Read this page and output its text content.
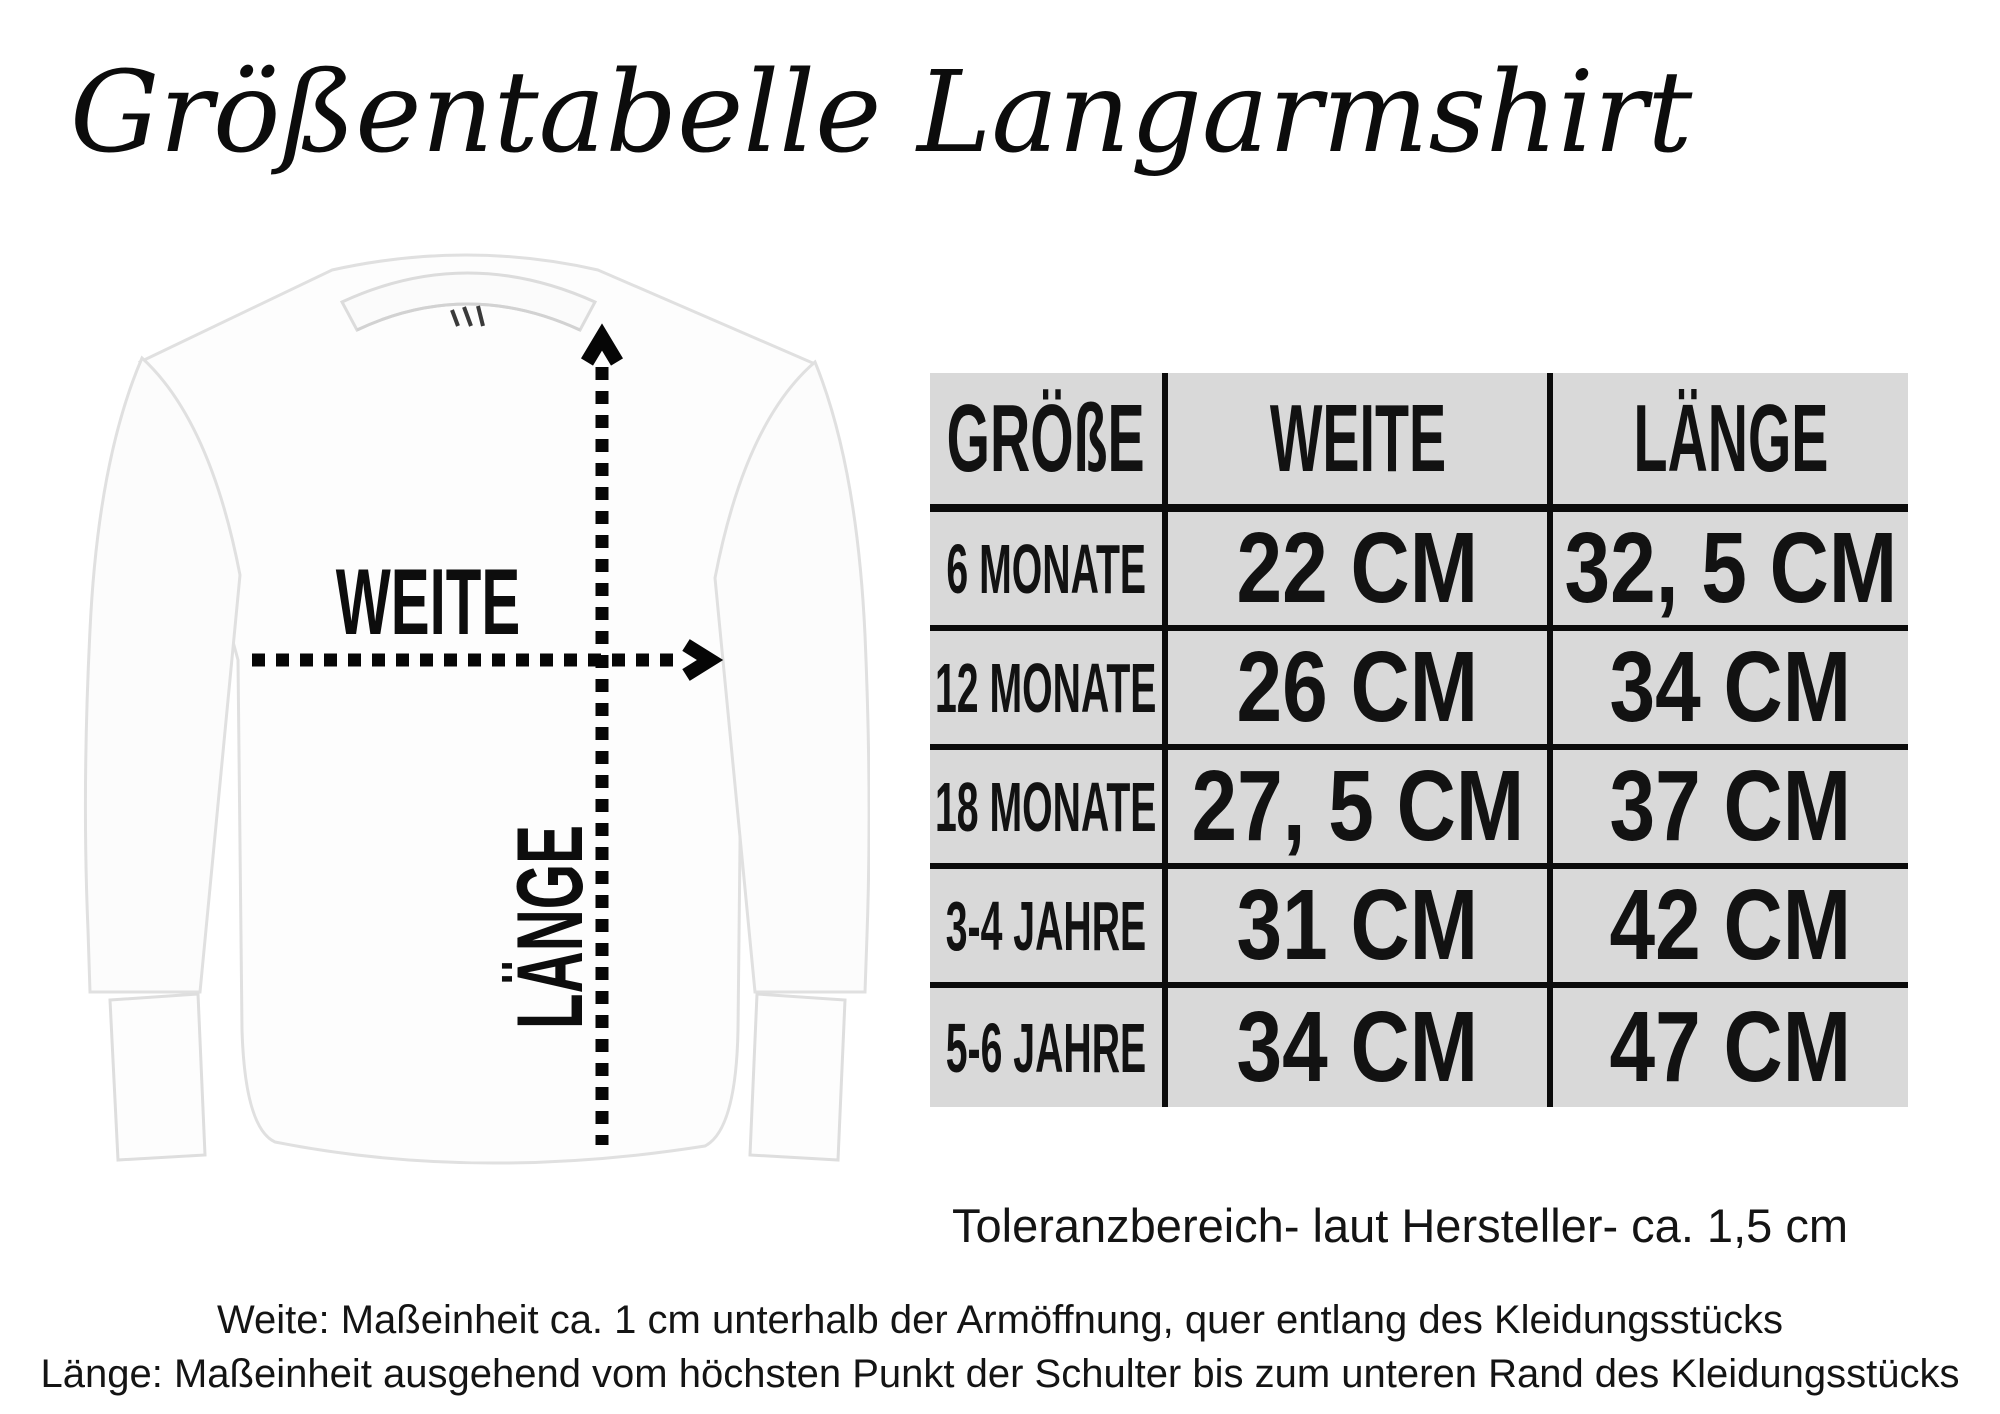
Größentabelle Langarmshirt
WEITE
LÄNGE
GRÖßE WEITE LÄNGE
6 MONATE 22 CM 32, 5 CM
12 MONATE 26 CM 34 CM
18 MONATE 27, 5 CM 37 CM
3-4 JAHRE 31 CM 42 CM
5-6 JAHRE 34 CM 47 CM
Toleranzbereich- laut Hersteller- ca. 1,5 cm
Weite: Maßeinheit ca. 1 cm unterhalb der Armöffnung, quer entlang des Kleidungsstücks
Länge: Maßeinheit ausgehend vom höchsten Punkt der Schulter bis zum unteren Rand des Kleidungsstücks
